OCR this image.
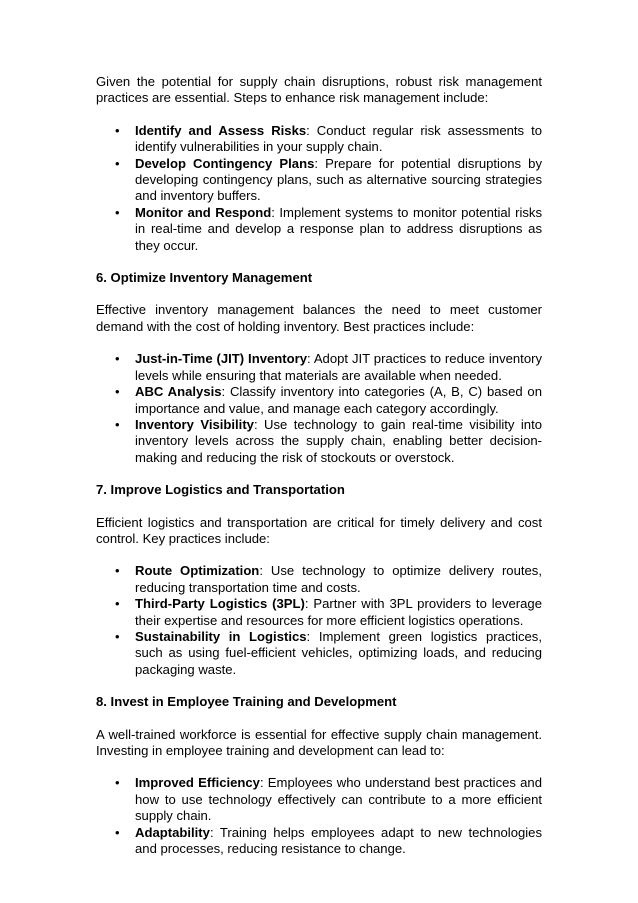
Given the potential for supply chain disruptions, robust risk management practices are essential. Steps to enhance risk management include:

• Identify and Assess Risks: Conduct regular risk assessments to identify vulnerabilities in your supply chain.
• Develop Contingency Plans: Prepare for potential disruptions by developing contingency plans, such as alternative sourcing strategies and inventory buffers.
• Monitor and Respond: Implement systems to monitor potential risks in real-time and develop a response plan to address disruptions as they occur.

6. Optimize Inventory Management

Effective inventory management balances the need to meet customer demand with the cost of holding inventory. Best practices include:

• Just-in-Time (JIT) Inventory: Adopt JIT practices to reduce inventory levels while ensuring that materials are available when needed.
• ABC Analysis: Classify inventory into categories (A, B, C) based on importance and value, and manage each category accordingly.
• Inventory Visibility: Use technology to gain real-time visibility into inventory levels across the supply chain, enabling better decision-making and reducing the risk of stockouts or overstock.

7. Improve Logistics and Transportation

Efficient logistics and transportation are critical for timely delivery and cost control. Key practices include:

• Route Optimization: Use technology to optimize delivery routes, reducing transportation time and costs.
• Third-Party Logistics (3PL): Partner with 3PL providers to leverage their expertise and resources for more efficient logistics operations.
• Sustainability in Logistics: Implement green logistics practices, such as using fuel-efficient vehicles, optimizing loads, and reducing packaging waste.

8. Invest in Employee Training and Development

A well-trained workforce is essential for effective supply chain management. Investing in employee training and development can lead to:

• Improved Efficiency: Employees who understand best practices and how to use technology effectively can contribute to a more efficient supply chain.
• Adaptability: Training helps employees adapt to new technologies and processes, reducing resistance to change.
